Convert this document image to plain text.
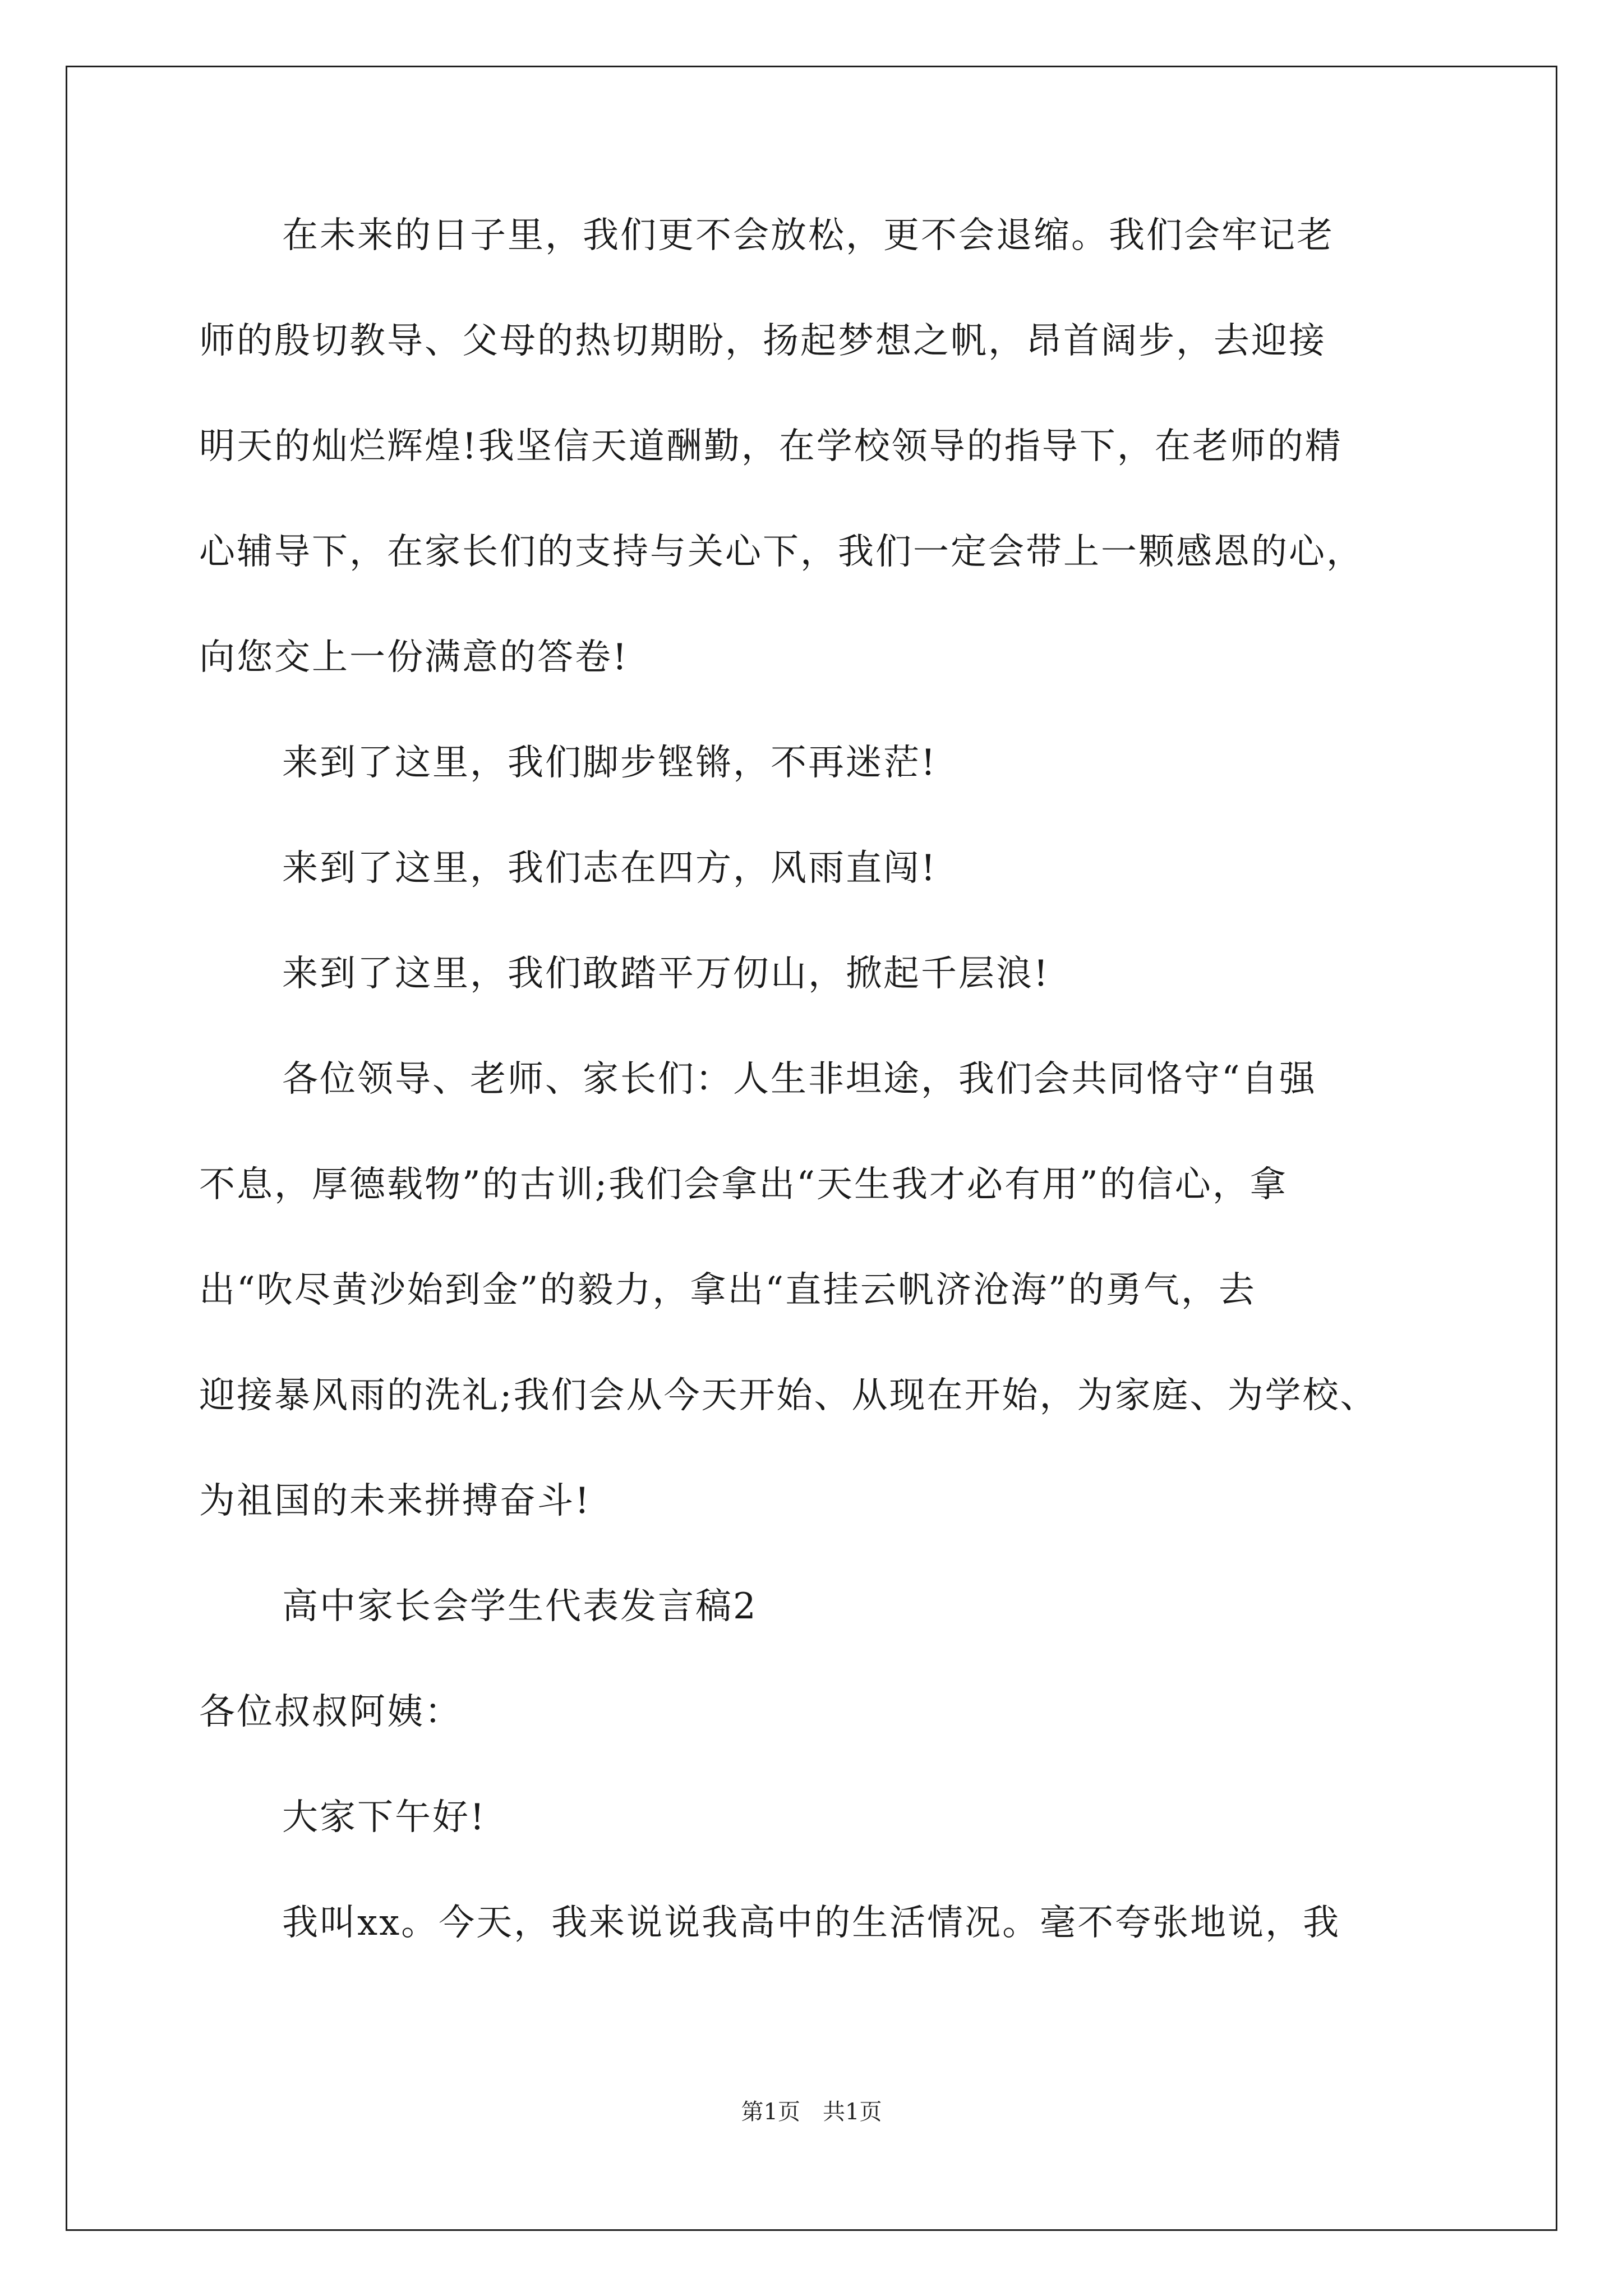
在未来的日子里，我们更不会放松，更不会退缩。我们会牢记老
师的殷切教导、父母的热切期盼，扬起梦想之帆，昂首阔步，去迎接
明天的灿烂辉煌!我坚信天道酬勤，在学校领导的指导下，在老师的精
心辅导下，在家长们的支持与关心下，我们一定会带上一颗感恩的心，
向您交上一份满意的答卷!
来到了这里，我们脚步铿锵，不再迷茫!
来到了这里，我们志在四方，风雨直闯!
来到了这里，我们敢踏平万仞山，掀起千层浪!
各位领导、老师、家长们：人生非坦途，我们会共同恪守“自强
不息，厚德载物”的古训;我们会拿出“天生我才必有用”的信心，拿
出“吹尽黄沙始到金”的毅力，拿出“直挂云帆济沧海”的勇气，去
迎接暴风雨的洗礼;我们会从今天开始、从现在开始，为家庭、为学校、
为祖国的未来拼搏奋斗!
高中家长会学生代表发言稿2
各位叔叔阿姨：
大家下午好!
我叫xx。今天，我来说说我高中的生活情况。毫不夸张地说，我
第1页　共1页
